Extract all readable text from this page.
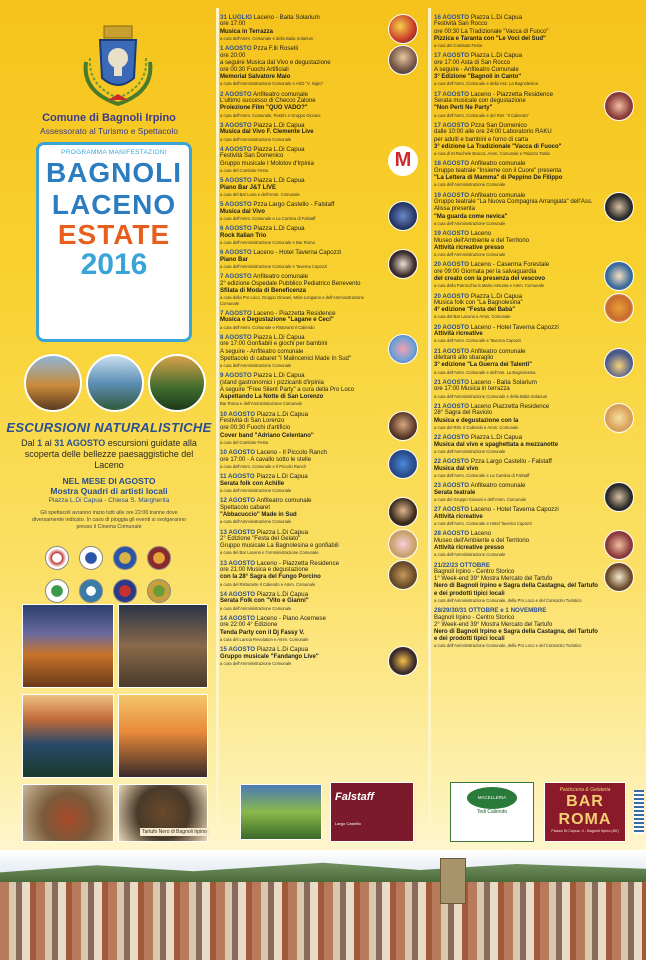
Comune di Bagnoli Irpino
Assessorato al Turismo e Spettacolo
PROGRAMMA MANIFESTAZIONI
BAGNOLI
LACENO
ESTATE
2016
ESCURSIONI NATURALISTICHE
Dal 1 al 31 AGOSTO escursioni guidate alla scoperta delle bellezze paesaggistiche del Laceno
NEL MESE DI AGOSTO
Mostra Quadri di artisti locali
Piazza L.Di Capua - Chiesa S. Margherita
Gli spettacoli avranno inizio tutti alle ore 22:00 tranne dove diversamente indicato. In caso di pioggia gli eventi si svolgeranno presso il Cinema Comunale

Tartufo Nero di Bagnoli Irpino
31 LUGLIO Laceno - Baita Solarium
ore 17:00
Musica in Terrazza
a cura dell'Amm. Comunale e della Baita Solarium
1 AGOSTO Pzza F.lli Roselli
ore 20:00
a seguire Musica dal Vivo e degustazione
ore 00:30 Fuochi Artificiali
Memorial Salvatore Maio
a cura dell'Amministrazione Comunale e ASD "V. Nigro"
2 AGOSTO Anfiteatro comunale
L'ultimo successo di Checco Zalone
Proiezione Film "QUO VADO?"
a cura dell'Amm. Comunale, Pastrix e Gruppo Giovani
3 AGOSTO Piazza L.Di Capua
Musica dal Vivo F. Clemente Live
a cura dell'Amministrazione Comunale
4 AGOSTO Piazza L.Di Capua
Festività San Domenico
Gruppo musicale I Molotov d'Irpinia
a cura del Comitato Festa	M
5 AGOSTO Piazza L.Di Capua
Piano Bar J&T LIVE
a cura del Bar Luna e dell'Amm. Comunale
5 AGOSTO Pzza Largo Castello - Falstaff
Musica dal Vivo
a cura dell'Amm. Comunale e La Cantina di Falstaff
6 AGOSTO Piazza L.Di Capua
Rock Italian Trio
a cura dell'Amministrazione Comunale e Bar Roma
6 AGOSTO Laceno - Hotel Taverna Capozzi
Piano Bar
a cura dell'Amministrazione Comunale e Taverna Capozzi
7 AGOSTO Anfiteatro comunale
2° edizione Ospedale Pubblico Pediatrico Benevento
Sfilata di Moda di Beneficenza
a cura della Pro Loco, Gruppo Giovani, Mela Longiano e dell'Amministrazione Comunale
7 AGOSTO Laceno - Piazzetta Residence
Musica e Degustazione "Lagane e Ceci"
a cura dell'Amm. Comunale e Ristoranti Il Caliendo
8 AGOSTO Piazza L.Di Capua
ore 17:00 Gonfiabili e giochi per bambini
A seguire - Anfiteatro comunale
Spettacolo di cabaret "I Malincenici Made In Sud"
a cura dell'Amministrazione Comunale
9 AGOSTO Piazza L.Di Capua
(stand gastronomici i pizzicanti d'irpinia
A seguire "Free Silent Party" a cura della Pro Loco
Aspettando La Notte di San Lorenzo
Bar Roma e dell'Amministrazione Comunale
10 AGOSTO Piazza L.Di Capua
Festività di San Lorenzo
ore 00:30 Fuochi d'artificio
Cover band "Adriano Celentano"
a cura del Comitato Festa
10 AGOSTO Laceno - Il Piccolo Ranch
ore 17:00 - A cavallo sotto le stelle
a cura dell'Amm. Comunale e Il Piccolo Ranch
11 AGOSTO Piazza L.Di Capua
Serata folk con Achille
a cura dell'Amministrazione Comunale
12 AGOSTO Anfiteatro comunale
Spettacolo cabaret
"Abbacuccio" Made in Sud
a cura dell'Amministrazione Comunale
13 AGOSTO Piazza L.Di Capua
2° Edizione "Festa del Gelato"
Gruppo musicale La Bagnolesina e gonfiabili
a cura del Bar Laceno e l'Amministrazione Comunale
13 AGOSTO Laceno - Piazzetta Residence
ore 21:00 Musica e degustazione
con la 28° Sagra del Fungo Porcino
a cura del Ristorante Il Caliendo e Amm. Comunale
14 AGOSTO Piazza L.Di Capua
Serata Folk con "Vito e Gianni"
a cura dell'Amministrazione Comunale
14 AGOSTO Laceno - Piano Acernese
ore 22:00 4° Edizione
Tenda Party con il Dj Fassy V.
a cura del Lancia Revolution e Amm. Comunale
15 AGOSTO Piazza L.Di Capua
Gruppo musicale "Fandango Live"
a cura dell'Amministrazione Comunale
16 AGOSTO Piazza L.Di Capua
Festività San Rocco
ore 00:30 La Tradizionale "Vacca di Fuoco"
Pizzica e Taranta con "Le Voci del Sud"
a cura del Comitato Festa
17 AGOSTO Piazza L.Di Capua
ore 17:00 Asta di San Rocco
A seguire - Anfiteatro Comunale
3° Edizione "Bagnoli in Canto"
a cura dell'Amm. Comunale e della Ass. La Bagnolesina
17 AGOSTO Laceno - Piazzetta Residence
Serata musicale con degustazione
"Non Perti Ne Party"
a cura dell'Amm. Comunale e del Rist. "Il Caliendo"
17 AGOSTO Pzza San Domenico
dalle 10:00 alle ore 24:00 Laboratorio RAKU
per adulti e bambini e forno di carta
3° edizione La Tradizionale "Vacca di Fuoco"
a cura di M.Rachele Bracca, Amm. Comunale e Palazzo Tarda
18 AGOSTO Anfiteatro comunale
Gruppo teatrale "Insieme con il Cuore" presenta
"La Lettera di Mamma" di Peppino De Filippo
a cura dell'Amministrazione Comunale
19 AGOSTO Anfiteatro comunale
Gruppo teatrale "La Nuova Compagnia Arrangiata" dell'Ass. Alissa presenta
"Ma guarda come nevica"
a cura dell'Amministrazione Comunale
19 AGOSTO Laceno
Museo dell'Ambiente e del Territorio
Attività ricreative presso
a cura dell'Amministrazione Comunale
20 AGOSTO Laceno - Caserma Forestale
ore 09:00 Giornata per la salvaguardia
del creato con la presenza del vescovo
a cura della Parrocchia S.Maria Assunta e Amm. Comunale
20 AGOSTO Piazza L.Di Capua
Musica folk con "La Bagnolesina"
4° edizione "Festa del Babà"
a cura del Bar Laceno e Amm. Comunale
20 AGOSTO Laceno - Hotel Taverna Capozzi
Attività ricreative
a cura dell'Amm. Comunale e Taverna Capozzi
21 AGOSTO Anfiteatro comunale
dilettanti allo sbaraglio
3° edizione "La Guerra dei Talenti"
a cura dell'Amm. Comunale e dell'Ass. La Bagnolesina
21 AGOSTO Laceno - Baita Solarium
ore 17:00 Musica in terrazza
a cura dell'Amministrazione Comunale e della Baita Solarium
21 AGOSTO Laceno Piazzetta Residence
28° Sagra del Raviolo
Musica e degustazione con la
a cura del Rist. Il Caliendo e Amm. Comunale
22 AGOSTO Piazza L.Di Capua
Musica dal vivo e spaghettata a mezzanotte
a cura dell'Amministrazione Comunale
22 AGOSTO Pzza Largo Castello - Falstaff
Musica dal vivo
a cura dell'Amm. Comunale e La Cantina di Falstaff
23 AGOSTO Anfiteatro comunale
Serata teatrale
a cura del Gruppo Giovani e dell'Amm. Comunale
27 AGOSTO Laceno - Hotel Taverna Capozzi
Attività ricreative
a cura dell'Amm. Comunale e Hotel Taverna Capozzi
28 AGOSTO Laceno
Museo dell'Ambiente e del Territorio
Attività ricreative presso
a cura dell'Amministrazione Comunale
21/22/23 OTTOBRE
Bagnoli Irpino - Centro Storico
1° Week-end 39° Mostra Mercato del Tartufo
Nero di Bagnoli Irpino e Sagra della Castagna, del Tartufo e dei prodotti tipici locali
a cura dell'Amministrazione Comunale, della Pro Loco e del Consorzio Turistico
28/29/30/31 OTTOBRE e 1 NOVEMBRE
Bagnoli Irpino - Centro Storico
2° Week-end 39° Mostra Mercato del Tartufo
Nero di Bagnoli Irpino e Sagra della Castagna, del Tartufo e dei prodotti tipici locali
a cura dell'Amministrazione Comunale, della Pro Loco e del Consorzio Turistico
Falstaff
Largo Castello
MACELLERIA
Tedi Caliendo
Pasticceria & Gelateria
BAR ROMA
Piazza Di Capua, 4 - Bagnoli Irpino (AV)
